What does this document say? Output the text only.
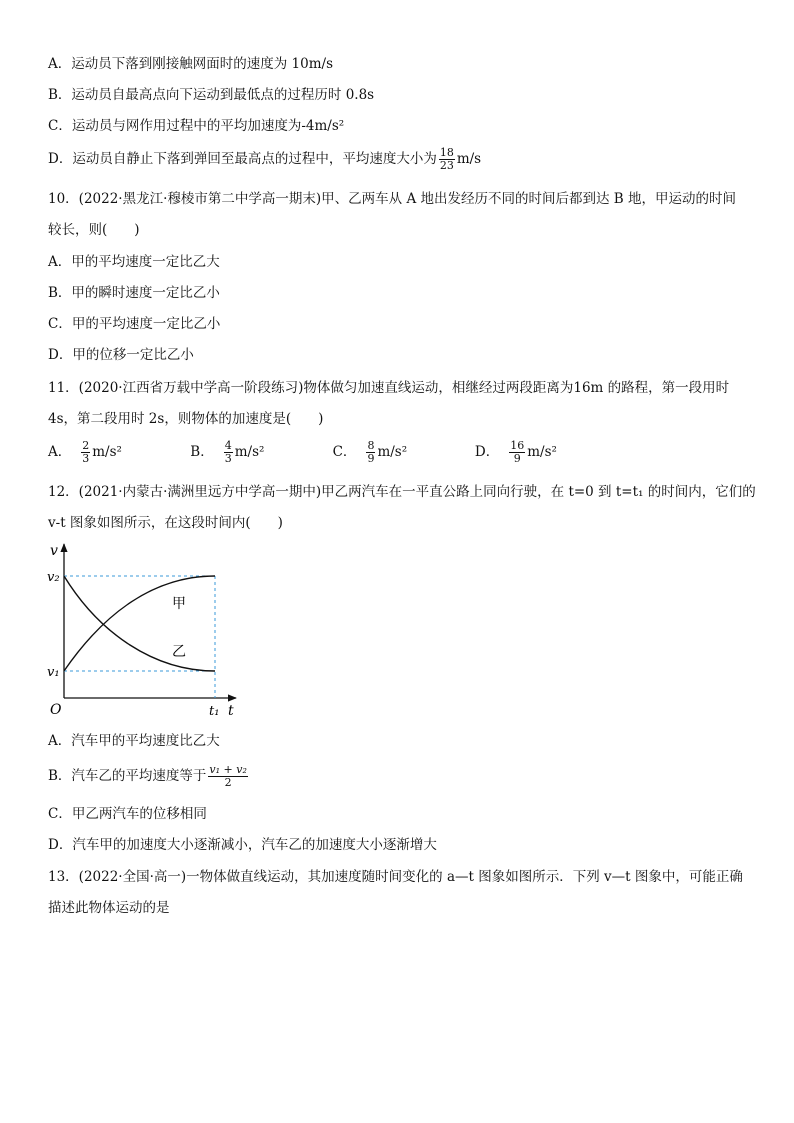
A．运动员下落到刚接触网面时的速度为 10m/s
B．运动员自最高点向下运动到最低点的过程历时 0.8s
C．运动员与网作用过程中的平均加速度为-4m/s²
D．运动员自静止下落到弹回至最高点的过程中，平均速度大小为 $\frac{18}{23} m/s$
10．(2022·黑龙江·穆棱市第二中学高一期末)甲、乙两车从 A 地出发经历不同的时间后都到达 B 地，甲运动的时间
较长，则(　　)
A．甲的平均速度一定比乙大
B．甲的瞬时速度一定比乙小
C．甲的平均速度一定比乙小
D．甲的位移一定比乙小
11．(2020·江西省万载中学高一阶段练习)物体做匀加速直线运动，相继经过两段距离为16m 的路程，第一段用时
4s，第二段用时 2s，则物体的加速度是(　　)
A． $\frac{2}{3} m/s^2$	B． $\frac{4}{3} m/s^2$	C． $\frac{8}{9} m/s^2$	D． $\frac{16}{9} m/s^2$
12．(2021·内蒙古·满洲里远方中学高一期中)甲乙两汽车在一平直公路上同向行驶，在 t=0 到 t=t₁ 的时间内，它们的
v-t 图象如图所示，在这段时间内(　　)
v
v₂
v₁
O	t₁ t
甲
乙
A．汽车甲的平均速度比乙大
B．汽车乙的平均速度等于 $\frac{\text{v₁ + v₂}}{2}$
C．甲乙两汽车的位移相同
D．汽车甲的加速度大小逐渐减小，汽车乙的加速度大小逐渐增大
13．(2022·全国·高一)一物体做直线运动，其加速度随时间变化的 a—t 图象如图所示．下列 v—t 图象中，可能正确
描述此物体运动的是
